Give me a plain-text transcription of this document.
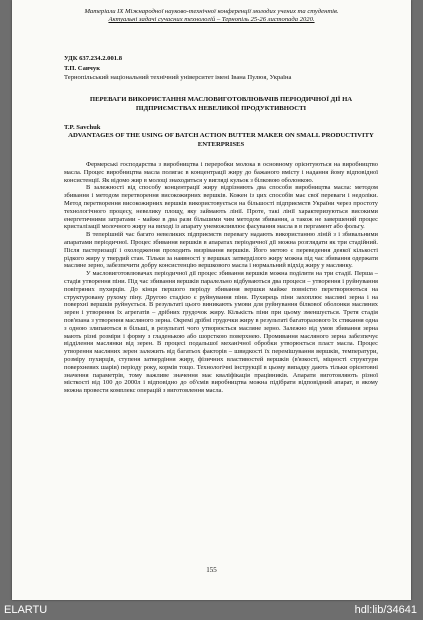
Матеріали IX Міжнародної науково-технічної конференції молодих учених та студентів.
Актуальні задачі сучасних технологій – Тернопіль 25-26 листопада 2020.
УДК 637.234.2.001.8
Т.П. Савчук
Тернопільський національний технічний університет імені Івана Пулюя, Україна
ПЕРЕВАГИ ВИКОРИСТАННЯ МАСЛОВИГОТОВЛЮВАЧІВ ПЕРІОДИЧНОЇ ДІЇ НА ПІДПРИЄМСТВАХ НЕВЕЛИКОЇ ПРОДУКТИВНОСТІ
T.P. Savchuk
ADVANTAGES OF THE USING OF BATCH ACTION BUTTER MAKER ON SMALL PRODUCTIVITY ENTERPRISES

Фермерські господарства з виробництва і переробки молока в основному орієнтуються на виробництво масла. Процес виробництва масла полягає в концентрації жиру до бажаного вмісту і надання йому відповідної консистенції. Як відомо жир в молоці знаходиться у вигляді кульок з білковою оболонкою.

В залежності від способу концентрації жиру відрізняють два способи виробництва масла: методом збивання і методом перетворення високожирних вершків. Кожен із цих способів має свої переваги і недоліки. Метод перетворення високожирних вершків використовується на більшості підприємств України через простоту технологічного процесу, невелику площу, яку займають лінії. Проте, такі лінії характеризуються високими енергетичними затратами - майже в два рази більшими чим методом збивання, а також не завершений процес кристалізації молочного жиру на виході із апарату унеможливлює фасування масла в в пергамент або фольгу.

В теперішній час багато невеликих підприємств перевагу надають використанню ліній з і збивальними апаратами періодичної. Процес збивання вершків в апаратах періодичної дії можна розглядати як три стадійний. Після пастеризації і охолодження проходить визрівання вершків. Його метою є переведення деякої кількості рідкого жиру у твердий стан. Тільки за наявності у вершках затверділого жиру можна під час збивання одержати масляне зерно, забезпечити добру консистенцію вершкового масла і нормальний відхід жиру у маслянку.

У масловиготовлювачах періодичної дії процес збивання вершків можна поділити на три стадії. Перша – стадія утворення піни. Під час збивання вершків паралельно відбуваються два процеси – утворення і руйнування повітряних пухирців. До кінця першого періоду збивання вершки майже повністю перетворюються на структуровану рухому піну. Другою стадією є руйнування піни. Пухирець піни захоплює масляні зерна і на поверхні вершків руйнується. В результаті цього виникають умови для руйнування білкової оболонки масляних зерен і утворення їх агрегатів – дрібних грудочок жиру. Кількість піни при цьому зменшується. Третя стадія пов'язана з утворення масляного зерна. Окремі дрібні грудочки жиру в результаті багаторазового їх стикання одна з одною злипаються в більші, в результаті чого утворюється масляне зерно. Залежно від умов збивання зерна мають різні розміри і форму з гладенькою або шорсткою поверхнею. Промивання масляного зерна забезпечує відділення маслянки від зерен. В процесі подальшої механічної обробки утворюється пласт масла. Процес утворення масляних зерен залежить від багатьох факторів – швидкості їх перемішування вершків, температури, розміру пухирців, ступеня затвердіння жиру, фізичних властивостей вершків (в'язкості, міцності структури поверхневих шарів) періоду року, кормів тощо. Технологічні інструкції в цьому випадку дають тільки орієнтовні значення параметрів, тому важливе значення має кваліфікація працівників. Апарати виготовляють різної місткості від 100 до 2000л і відповідно до об'ємів виробництва можна підібрати відповідний апарат, в якому можна провести комплекс операцій з виготовлення масла.

155
ELARTU	hdl:lib/34641
